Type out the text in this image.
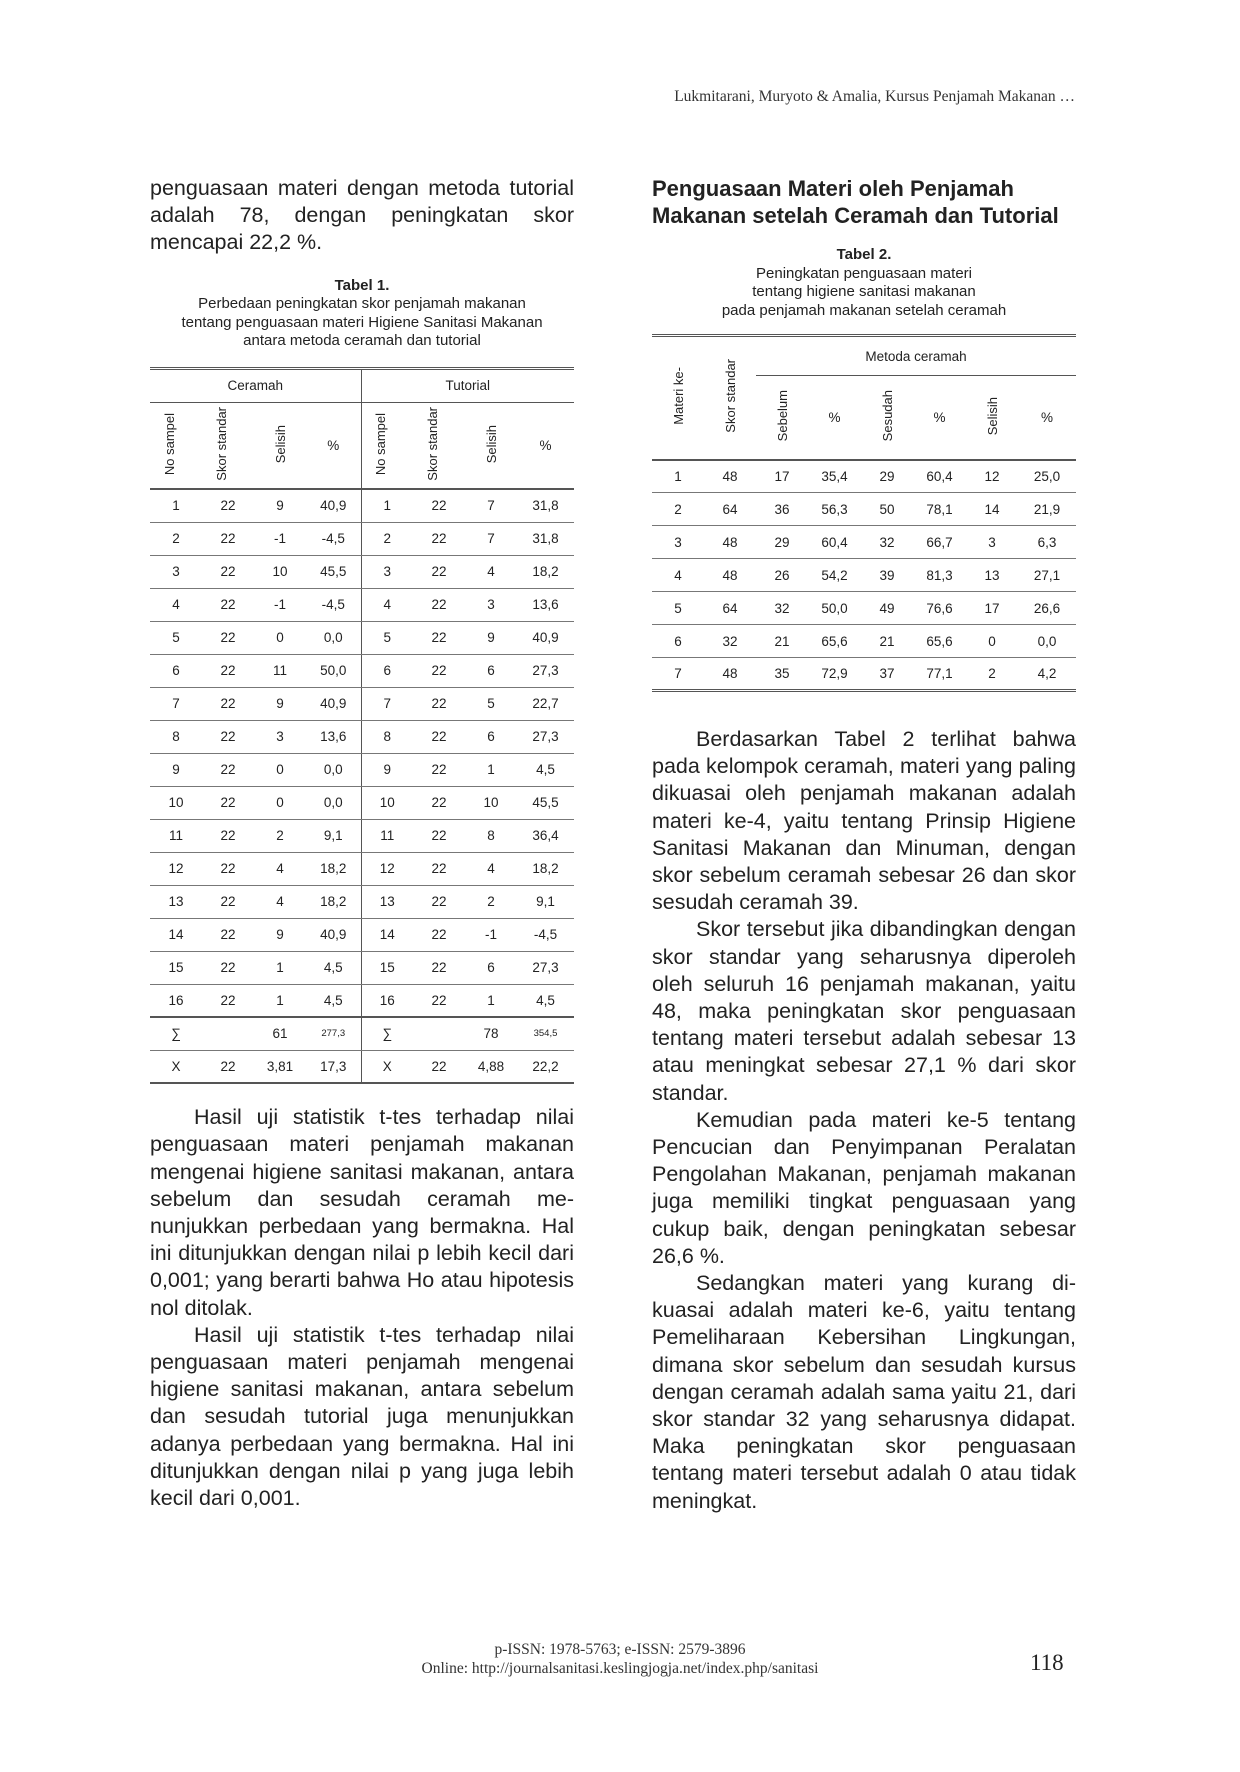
Lukmitarani, Muryoto & Amalia, Kursus Penjamah Makanan …

penguasaan materi dengan metoda tutorial adalah 78, dengan peningkatan skor mencapai 22,2 %.

Tabel 1.
Perbedaan peningkatan skor penjamah makanan
tentang penguasaan materi Higiene Sanitasi Makanan
antara metoda ceramah dan tutorial
Ceramah				Tutorial			
No sampel	Skor standar	Selisih	%	No sampel	Skor standar	Selisih	%
1	22	9	40,9	1	22	7	31,8
2	22	-1	-4,5	2	22	7	31,8
3	22	10	45,5	3	22	4	18,2
4	22	-1	-4,5	4	22	3	13,6
5	22	0	0,0	5	22	9	40,9
6	22	11	50,0	6	22	6	27,3
7	22	9	40,9	7	22	5	22,7
8	22	3	13,6	8	22	6	27,3
9	22	0	0,0	9	22	1	4,5
10	22	0	0,0	10	22	10	45,5
11	22	2	9,1	11	22	8	36,4
12	22	4	18,2	12	22	4	18,2
13	22	4	18,2	13	22	2	9,1
14	22	9	40,9	14	22	-1	-4,5
15	22	1	4,5	15	22	6	27,3
16	22	1	4,5	16	22	1	4,5
∑		61	277,3	∑		78	354,5
X	22	3,81	17,3	X	22	4,88	22,2

Hasil uji statistik t-tes terhadap nilai penguasaan materi penjamah makanan mengenai higiene sanitasi makanan, antara sebelum dan sesudah ceramah menunjukkan perbedaan yang bermakna. Hal ini ditunjukkan dengan nilai p lebih kecil dari 0,001; yang berarti bahwa Ho atau hipotesis nol ditolak.

Hasil uji statistik t-tes terhadap nilai penguasaan materi penjamah mengenai higiene sanitasi makanan, antara sebelum dan sesudah tutorial juga menunjukkan adanya perbedaan yang bermakna. Hal ini ditunjukkan dengan nilai p yang juga lebih kecil dari 0,001.

Penguasaan Materi oleh Penjamah Makanan setelah Ceramah dan Tutorial
Tabel 2.
Peningkatan penguasaan materi
tentang higiene sanitasi makanan
pada penjamah makanan setelah ceramah
Materi ke-	Skor standar	Metoda ceramah					
		Sebelum	%	Sesudah	%	Selisih	%
1	48	17	35,4	29	60,4	12	25,0
2	64	36	56,3	50	78,1	14	21,9
3	48	29	60,4	32	66,7	3	6,3
4	48	26	54,2	39	81,3	13	27,1
5	64	32	50,0	49	76,6	17	26,6
6	32	21	65,6	21	65,6	0	0,0
7	48	35	72,9	37	77,1	2	4,2

Berdasarkan Tabel 2 terlihat bahwa pada kelompok ceramah, materi yang paling dikuasai oleh penjamah makanan adalah materi ke-4, yaitu tentang Prinsip Higiene Sanitasi Makanan dan Minuman, dengan skor sebelum ceramah sebesar 26 dan skor sesudah ceramah 39.

Skor tersebut jika dibandingkan dengan skor standar yang seharusnya diperoleh oleh seluruh 16 penjamah makanan, yaitu 48, maka peningkatan skor penguasaan tentang materi tersebut adalah sebesar 13 atau meningkat sebesar 27,1 % dari skor standar.

Kemudian pada materi ke-5 tentang Pencucian dan Penyimpanan Peralatan Pengolahan Makanan, penjamah makanan juga memiliki tingkat penguasaan yang cukup baik, dengan peningkatan sebesar 26,6 %.

Sedangkan materi yang kurang dikuasai adalah materi ke-6, yaitu tentang Pemeliharaan Kebersihan Lingkungan, dimana skor sebelum dan sesudah kursus dengan ceramah adalah sama yaitu 21, dari skor standar 32 yang seharusnya didapat. Maka peningkatan skor penguasaan tentang materi tersebut adalah 0 atau tidak meningkat.

p-ISSN: 1978-5763; e-ISSN: 2579-3896
Online: http://journalsanitasi.keslingjogja.net/index.php/sanitasi	118
